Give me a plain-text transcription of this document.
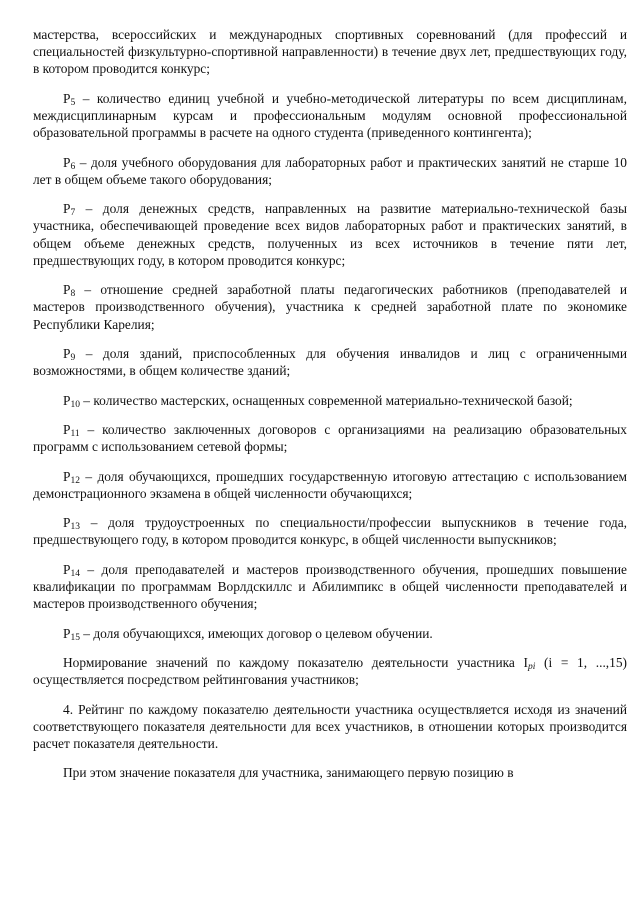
мастерства, всероссийских и международных спортивных соревнований (для профессий и специальностей физкультурно-спортивной направленности) в течение двух лет, предшествующих году, в котором проводится конкурс;

$P_5$ – количество единиц учебной и учебно-методической литературы по всем дисциплинам, междисциплинарным курсам и профессиональным модулям основной профессиональной образовательной программы в расчете на одного студента (приведенного контингента);

$P_6$ – доля учебного оборудования для лабораторных работ и практических занятий не старше 10 лет в общем объеме такого оборудования;

$P_7$ – доля денежных средств, направленных на развитие материально-технической базы участника, обеспечивающей проведение всех видов лабораторных работ и практических занятий, в общем объеме денежных средств, полученных из всех источников в течение пяти лет, предшествующих году, в котором проводится конкурс;

$P_8$ – отношение средней заработной платы педагогических работников (преподавателей и мастеров производственного обучения), участника к средней заработной плате по экономике Республики Карелия;

$P_9$ – доля зданий, приспособленных для обучения инвалидов и лиц с ограниченными возможностями, в общем количестве зданий;

$P_{10}$ – количество мастерских, оснащенных современной материально-технической базой;

$P_{11}$ – количество заключенных договоров с организациями на реализацию образовательных программ с использованием сетевой формы;

$P_{12}$ – доля обучающихся, прошедших государственную итоговую аттестацию с использованием демонстрационного экзамена в общей численности обучающихся;

$P_{13}$ – доля трудоустроенных по специальности/профессии выпускников в течение года, предшествующего году, в котором проводится конкурс, в общей численности выпускников;

$P_{14}$ – доля преподавателей и мастеров производственного обучения, прошедших повышение квалификации по программам Ворлдскиллс и Абилимпикс в общей численности преподавателей и мастеров производственного обучения;

$P_{15}$ – доля обучающихся, имеющих договор о целевом обучении.

Нормирование значений по каждому показателю деятельности участника $I_{pi}$ (i = 1, ...,15) осуществляется посредством рейтингования участников;

4. Рейтинг по каждому показателю деятельности участника осуществляется исходя из значений соответствующего показателя деятельности для всех участников, в отношении которых производится расчет показателя деятельности.

При этом значение показателя для участника, занимающего первую позицию в
